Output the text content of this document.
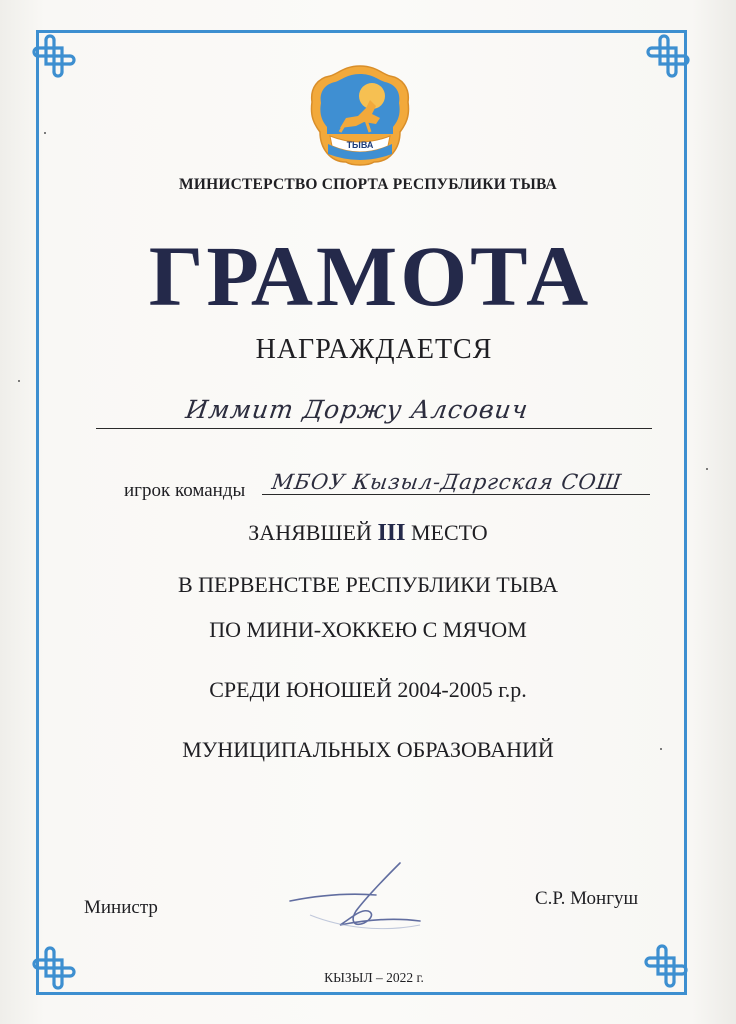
ТЫВА
МИНИСТЕРСТВО СПОРТА РЕСПУБЛИКИ ТЫВА
ГРАМОТА
НАГРАЖДАЕТСЯ
Иммит Доржу Алсович
игрок команды МБОУ Кызыл-Даргская СОШ
ЗАНЯВШЕЙ III МЕСТО
В ПЕРВЕНСТВЕ РЕСПУБЛИКИ ТЫВА
ПО МИНИ-ХОККЕЮ С МЯЧОМ
СРЕДИ ЮНОШЕЙ 2004-2005 г.р.
МУНИЦИПАЛЬНЫХ ОБРАЗОВАНИЙ
Министр	С.Р. Монгуш
КЫЗЫЛ – 2022 г.
